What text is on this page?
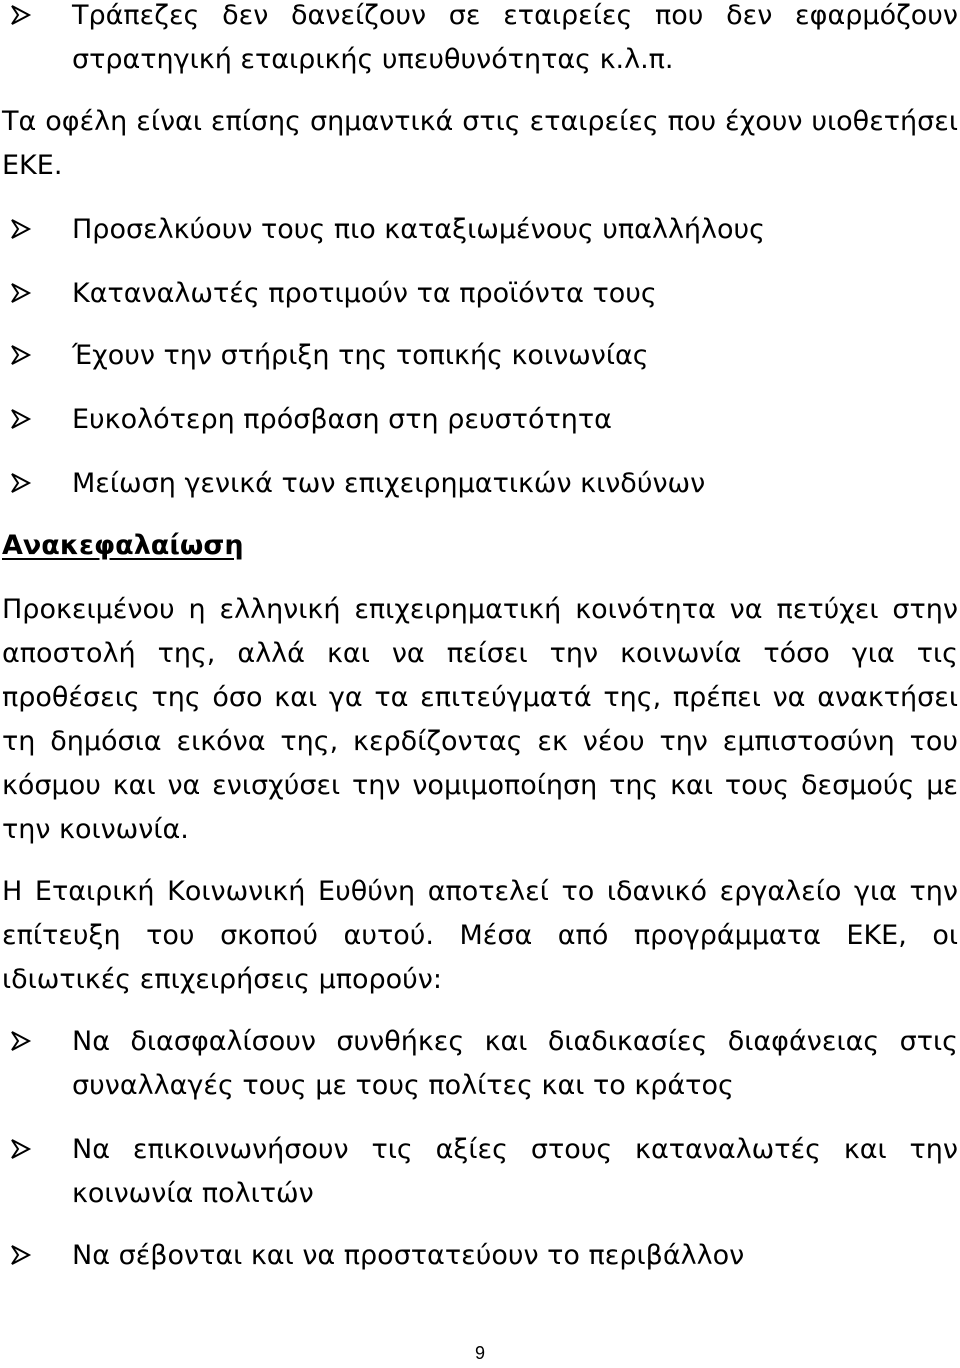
Τράπεζες δεν δανείζουν σε εταιρείες που δεν εφαρμόζουν στρατηγική εταιρικής υπευθυνότητας κ.λ.π.
Τα οφέλη είναι επίσης σημαντικά στις εταιρείες που έχουν υιοθετήσει ΕΚΕ.
Προσελκύουν τους πιο καταξιωμένους υπαλλήλους
Καταναλωτές προτιμούν τα προϊόντα τους
Έχουν την στήριξη της τοπικής κοινωνίας
Ευκολότερη πρόσβαση στη ρευστότητα
Μείωση γενικά των επιχειρηματικών κινδύνων
Ανακεφαλαίωση
Προκειμένου η ελληνική επιχειρηματική κοινότητα να πετύχει στην αποστολή της, αλλά και να πείσει την κοινωνία τόσο για τις προθέσεις της όσο και γα τα επιτεύγματά της, πρέπει να ανακτήσει τη δημόσια εικόνα της, κερδίζοντας εκ νέου την εμπιστοσύνη του κόσμου και να ενισχύσει την νομιμοποίηση της και τους δεσμούς με την κοινωνία.
Η Εταιρική Κοινωνική Ευθύνη αποτελεί το ιδανικό εργαλείο για την επίτευξη του σκοπού αυτού. Μέσα από προγράμματα ΕΚΕ, οι ιδιωτικές επιχειρήσεις μπορούν:
Να διασφαλίσουν συνθήκες και διαδικασίες διαφάνειας στις συναλλαγές τους με τους πολίτες και το κράτος
Να επικοινωνήσουν τις αξίες στους καταναλωτές και την κοινωνία πολιτών
Να σέβονται και να προστατεύουν το περιβάλλον
9
